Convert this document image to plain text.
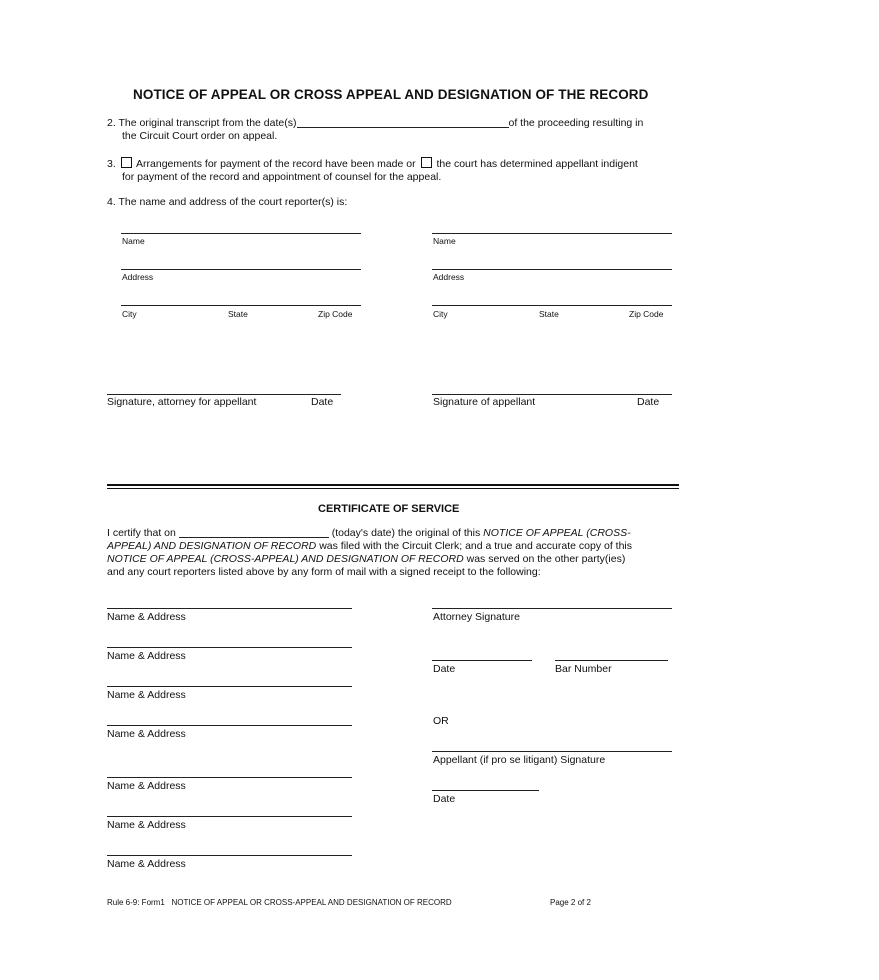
NOTICE OF APPEAL OR CROSS APPEAL AND DESIGNATION OF THE RECORD
2. The original transcript from the date(s)	of the proceeding resulting in
the Circuit Court order on appeal.
3. Arrangements for payment of the record have been made or the court has determined appellant indigent
for payment of the record and appointment of counsel for the appeal.
4. The name and address of the court reporter(s) is:
Name
Address
City	State	Zip Code
Name
Address
City	State	Zip Code
Signature, attorney for appellant	Date	Signature of appellant	Date
CERTIFICATE OF SERVICE
I certify that on	(today's date) the original of this NOTICE OF APPEAL (CROSS-
APPEAL) AND DESIGNATION OF RECORD was filed with the Circuit Clerk; and a true and accurate copy of this
NOTICE OF APPEAL (CROSS-APPEAL) AND DESIGNATION OF RECORD was served on the other party(ies)
and any court reporters listed above by any form of mail with a signed receipt to the following:
Name & Address
Name & Address
Name & Address
Name & Address
Name & Address
Name & Address
Name & Address
Attorney Signature
Date	Bar Number
OR
Appellant (if pro se litigant) Signature
Date
Rule 6-9: Form1 NOTICE OF APPEAL OR CROSS-APPEAL AND DESIGNATION OF RECORD	Page 2 of 2
